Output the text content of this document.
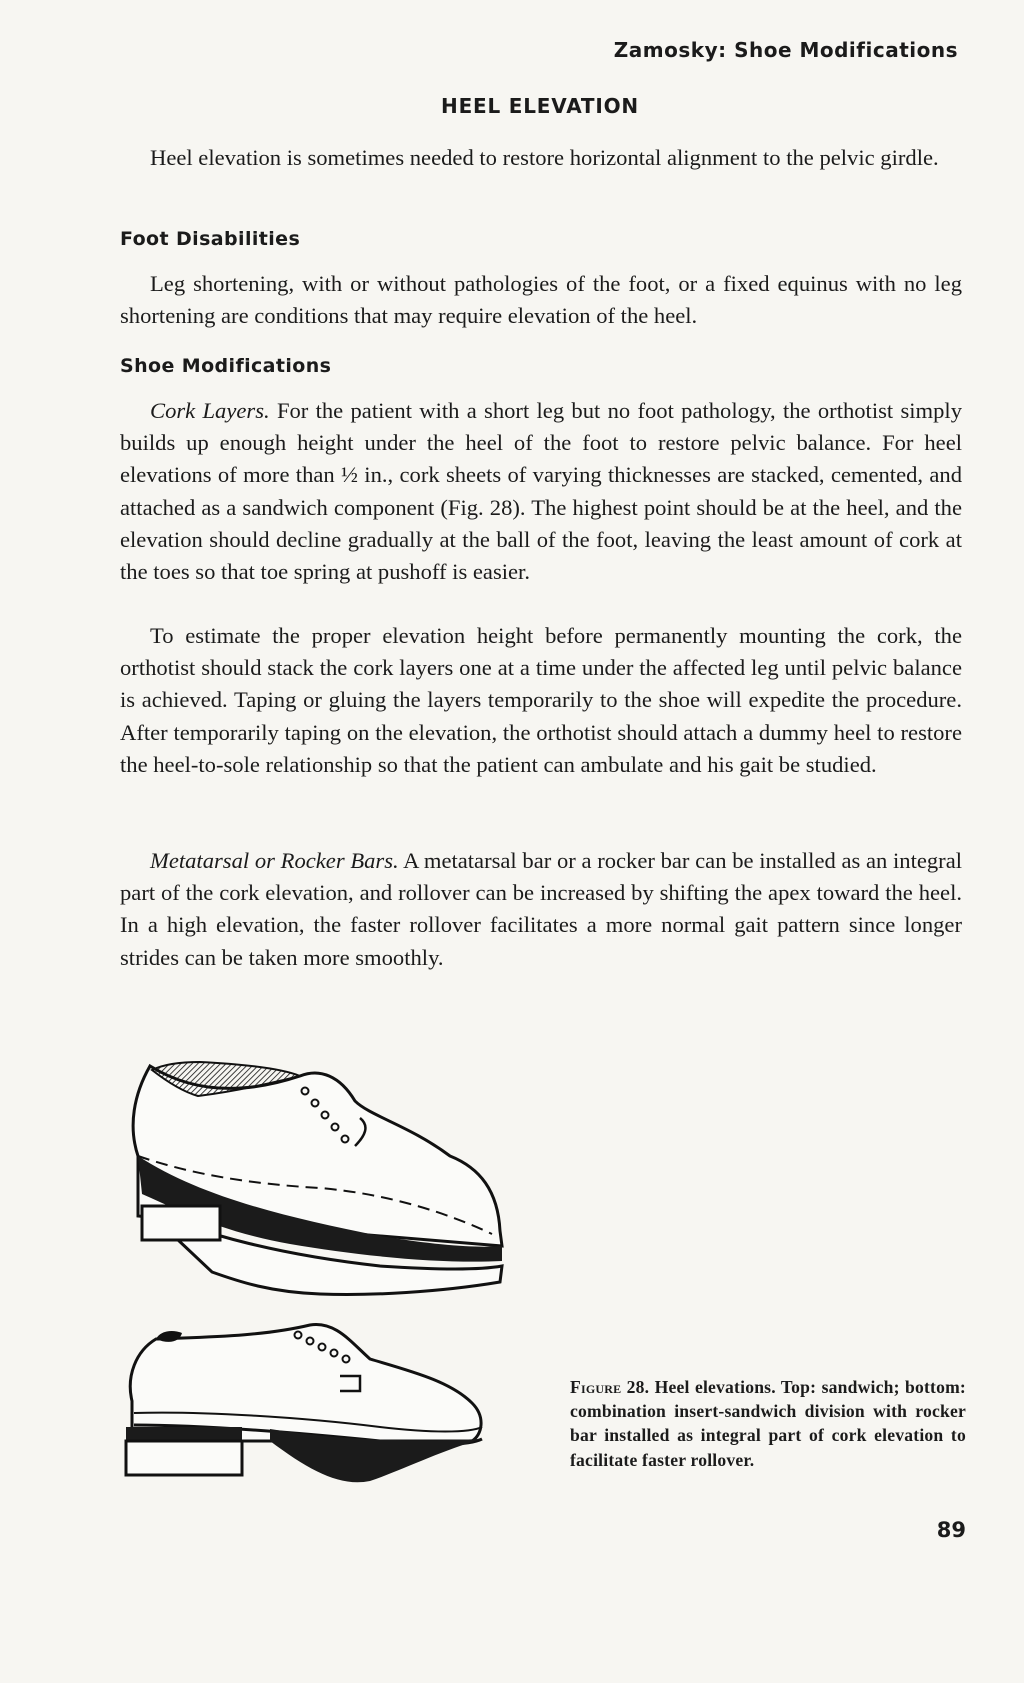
Zamosky: Shoe Modifications
HEEL ELEVATION

Heel elevation is sometimes needed to restore horizontal alignment to the pelvic girdle.

Foot Disabilities

Leg shortening, with or without pathologies of the foot, or a fixed equinus with no leg shortening are conditions that may require elevation of the heel.

Shoe Modifications

Cork Layers. For the patient with a short leg but no foot pathology, the orthotist simply builds up enough height under the heel of the foot to restore pelvic balance. For heel elevations of more than ½ in., cork sheets of varying thicknesses are stacked, cemented, and attached as a sandwich component (Fig. 28). The highest point should be at the heel, and the elevation should decline gradually at the ball of the foot, leaving the least amount of cork at the toes so that toe spring at pushoff is easier.

To estimate the proper elevation height before permanently mounting the cork, the orthotist should stack the cork layers one at a time under the affected leg until pelvic balance is achieved. Taping or gluing the layers temporarily to the shoe will expedite the procedure. After temporarily taping on the elevation, the orthotist should attach a dummy heel to restore the heel-to-sole relationship so that the patient can ambulate and his gait be studied.

Metatarsal or Rocker Bars. A metatarsal bar or a rocker bar can be installed as an integral part of the cork elevation, and rollover can be increased by shifting the apex toward the heel. In a high elevation, the faster rollover facilitates a more normal gait pattern since longer strides can be taken more smoothly.

Figure 28. Heel elevations. Top: sandwich; bottom: combination insert-sandwich division with rocker bar installed as integral part of cork elevation to facilitate faster rollover.

89
